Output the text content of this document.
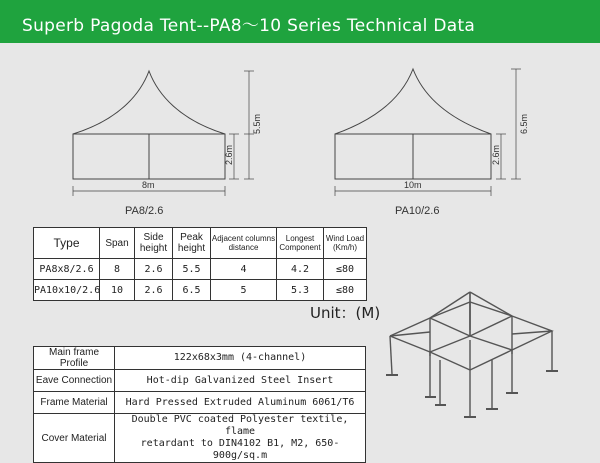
Superb Pagoda Tent--PA8～10 Series Technical Data
8m
5.5m
2.6m
10m
6.5m
2.6m
PA8/2.6	PA10/2.6
Type	Span	Side height	Peak height	Adjacent columns distance	Longest Component	Wind Load (Km/h)
PA8x8/2.6	8	2.6	5.5	4	4.2	≤80
PA10x10/2.6	10	2.6	6.5	5	5.3	≤80
Unit：(M)
Main frame Profile	122x68x3mm (4-channel)
Eave Connection	Hot-dip Galvanized Steel Insert
Frame Material	Hard Pressed Extruded Aluminum 6061/T6
Cover Material	Double PVC coated Polyester textile, flame
retardant to DIN4102 B1, M2, 650-900g/sq.m
